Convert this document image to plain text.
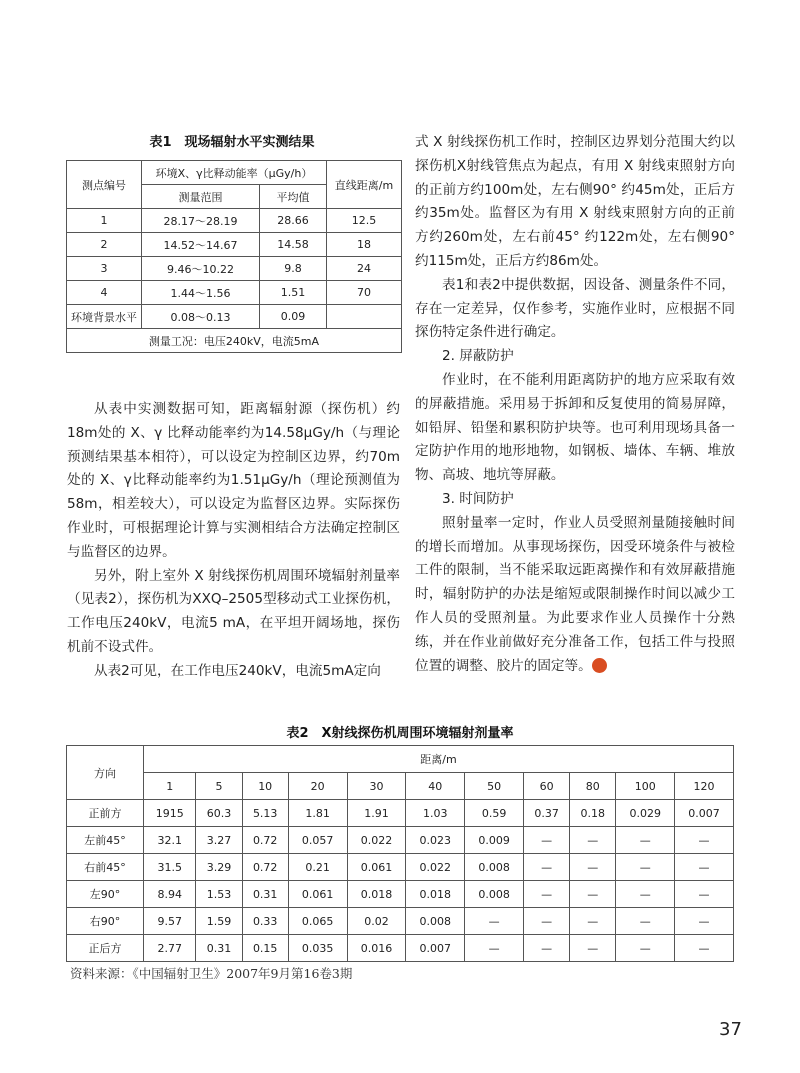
表1　现场辐射水平实测结果
测点编号	环境X、γ比释动能率（μGy/h）		直线距离/m
	测量范围	平均值	
1	28.17～28.19	28.66	12.5
2	14.52～14.67	14.58	18
3	9.46～10.22	9.8	24
4	1.44～1.56	1.51	70
环境背景水平	0.08～0.13	0.09	
测量工况：电压240kV，电流5mA			

从表中实测数据可知，距离辐射源（探伤机）约18m处的 X、γ 比释动能率约为14.58μGy/h（与理论预测结果基本相符），可以设定为控制区边界，约70m处的 X、γ比释动能率约为1.51μGy/h（理论预测值为 58m，相差较大），可以设定为监督区边界。实际探伤作业时，可根据理论计算与实测相结合方法确定控制区与监督区的边界。

另外，附上室外 X 射线探伤机周围环境辐射剂量率（见表2），探伤机为XXQ–2505型移动式工业探伤机，工作电压240kV，电流5 mA，在平坦开阔场地，探伤机前不设式件。

从表2可见，在工作电压240kV，电流5mA定向

式 X 射线探伤机工作时，控制区边界划分范围大约以探伤机X射线管焦点为起点，有用 X 射线束照射方向的正前方约100m处，左右侧90° 约45m处，正后方约35m处。监督区为有用 X 射线束照射方向的正前方约260m处，左右前45° 约122m处，左右侧90° 约115m处，正后方约86m处。

表1和表2中提供数据，因设备、测量条件不同，存在一定差异，仅作参考，实施作业时，应根据不同探伤特定条件进行确定。

2. 屏蔽防护

作业时，在不能利用距离防护的地方应采取有效的屏蔽措施。采用易于拆卸和反复使用的简易屏障，如铅屏、铅堡和累积防护块等。也可利用现场具备一定防护作用的地形地物，如钢板、墙体、车辆、堆放物、高坡、地坑等屏蔽。

3. 时间防护

照射量率一定时，作业人员受照剂量随接触时间的增长而增加。从事现场探伤，因受环境条件与被检工件的限制，当不能采取远距离操作和有效屏蔽措施时，辐射防护的办法是缩短或限制操作时间以减少工作人员的受照剂量。为此要求作业人员操作十分熟练，并在作业前做好充分准备工作，包括工件与投照位置的调整、胶片的固定等。	K

表2　X射线探伤机周围环境辐射剂量率
方向	距离/m										
	1	5	10	20	30	40	50	60	80	100	120
正前方	1915	60.3	5.13	1.81	1.91	1.03	0.59	0.37	0.18	0.029	0.007
左前45°	32.1	3.27	0.72	0.057	0.022	0.023	0.009	—	—	—	—
右前45°	31.5	3.29	0.72	0.21	0.061	0.022	0.008	—	—	—	—
左90°	8.94	1.53	0.31	0.061	0.018	0.018	0.008	—	—	—	—
右90°	9.57	1.59	0.33	0.065	0.02	0.008	—	—	—	—	—
正后方	2.77	0.31	0.15	0.035	0.016	0.007	—	—	—	—	—
资料来源：《中国辐射卫生》2007年9月第16卷3期
37
